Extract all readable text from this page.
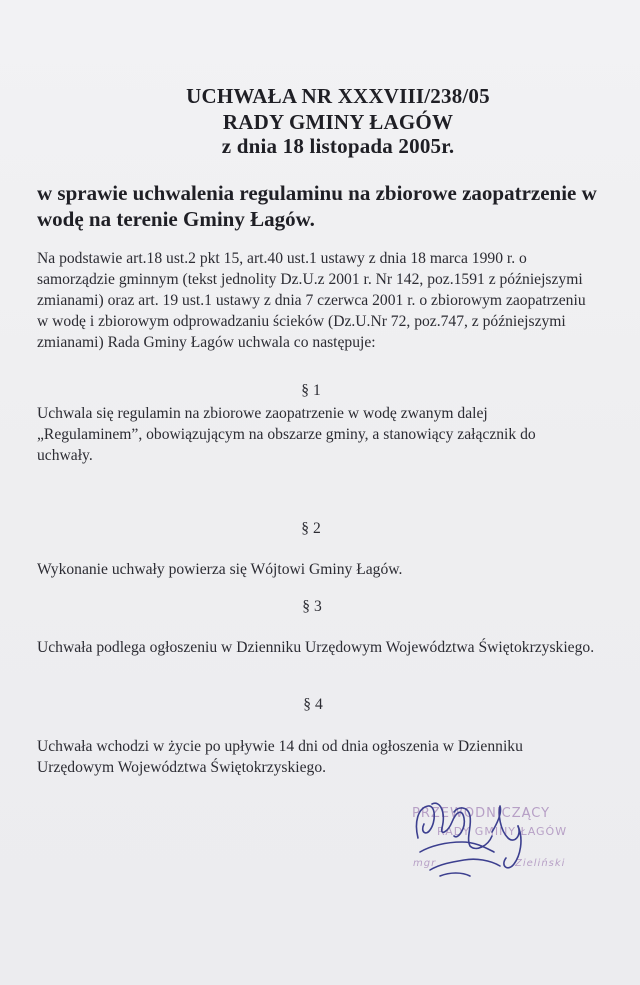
UCHWAŁA NR XXXVIII/238/05
RADY GMINY ŁAGÓW
z dnia 18 listopada 2005r.
w sprawie uchwalenia regulaminu na zbiorowe zaopatrzenie w wodę na terenie Gminy Łagów.
Na podstawie art.18 ust.2 pkt 15, art.40 ust.1 ustawy z dnia 18 marca 1990 r. o samorządzie gminnym (tekst jednolity Dz.U.z 2001 r. Nr 142, poz.1591 z późniejszymi zmianami) oraz art. 19 ust.1 ustawy z dnia 7 czerwca 2001 r. o zbiorowym zaopatrzeniu w wodę i zbiorowym odprowadzaniu ścieków (Dz.U.Nr 72, poz.747, z późniejszymi zmianami) Rada Gminy Łagów uchwala co następuje:
§ 1
Uchwala się regulamin na zbiorowe zaopatrzenie w wodę zwanym dalej „Regulaminem”, obowiązującym na obszarze gminy, a stanowiący załącznik do uchwały.
§ 2
Wykonanie uchwały powierza się Wójtowi Gminy Łagów.
§ 3
Uchwała podlega ogłoszeniu w Dzienniku Urzędowym Województwa Świętokrzyskiego.
§ 4
Uchwała wchodzi w życie po upływie 14 dni od dnia ogłoszenia w Dzienniku Urzędowym Województwa Świętokrzyskiego.
PRZEWODNICZĄCY
RADY GMINY ŁAGÓW
mgr	Zieliński
